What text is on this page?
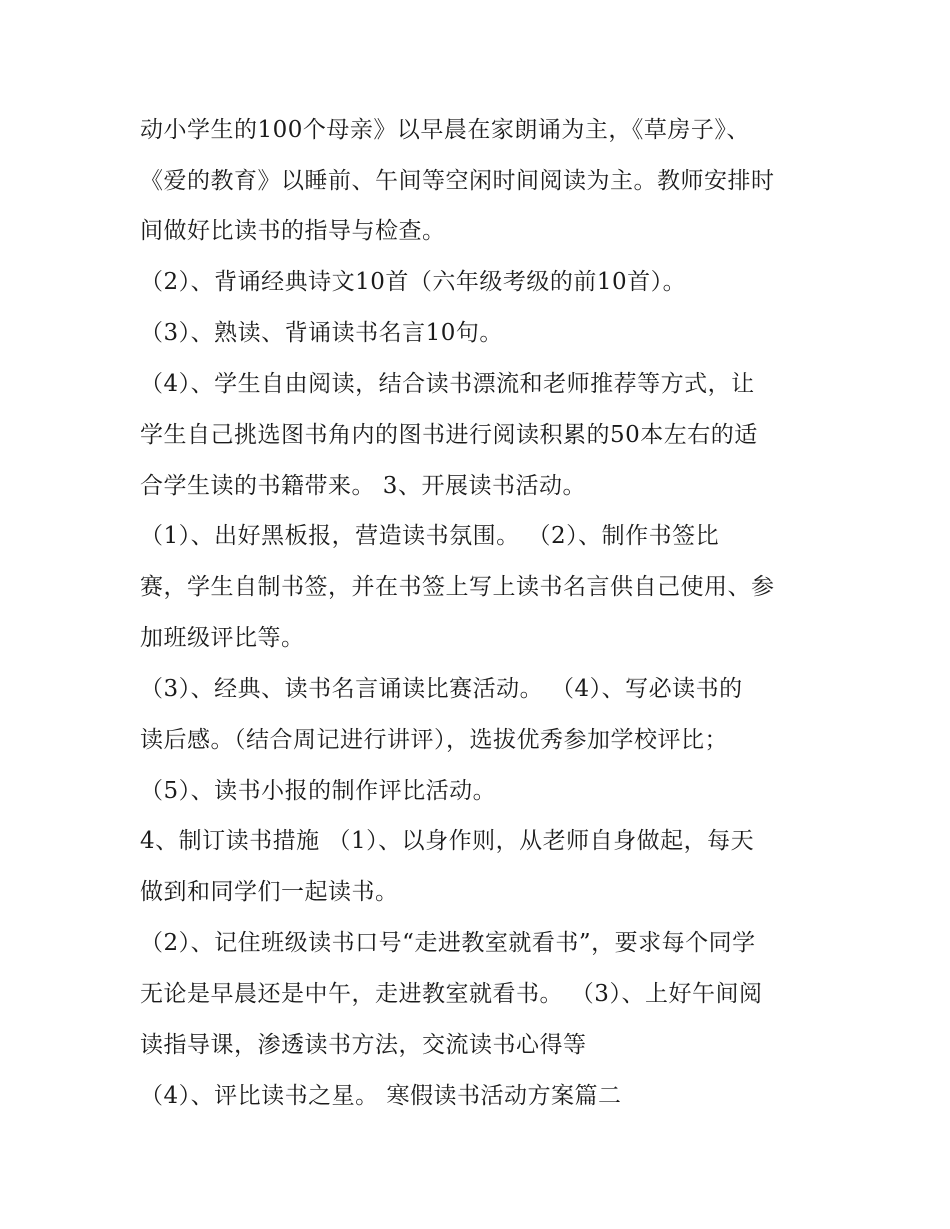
动小学生的100个母亲》以早晨在家朗诵为主，《草房子》、

《爱的教育》以睡前、午间等空闲时间阅读为主。教师安排时

间做好比读书的指导与检查。

（2）、背诵经典诗文10首（六年级考级的前10首）。

（3）、熟读、背诵读书名言10句。

（4）、学生自由阅读，结合读书漂流和老师推荐等方式，让

学生自己挑选图书角内的图书进行阅读积累的50本左右的适

合学生读的书籍带来。 3、开展读书活动。

（1）、出好黑板报，营造读书氛围。 （2）、制作书签比

赛，学生自制书签，并在书签上写上读书名言供自己使用、参

加班级评比等。

（3）、经典、读书名言诵读比赛活动。 （4）、写必读书的

读后感。（结合周记进行讲评），选拔优秀参加学校评比；

（5）、读书小报的制作评比活动。

4、制订读书措施 （1）、以身作则，从老师自身做起，每天

做到和同学们一起读书。

（2）、记住班级读书口号“走进教室就看书”，要求每个同学

无论是早晨还是中午，走进教室就看书。 （3）、上好午间阅

读指导课，渗透读书方法，交流读书心得等

（4）、评比读书之星。 寒假读书活动方案篇二
